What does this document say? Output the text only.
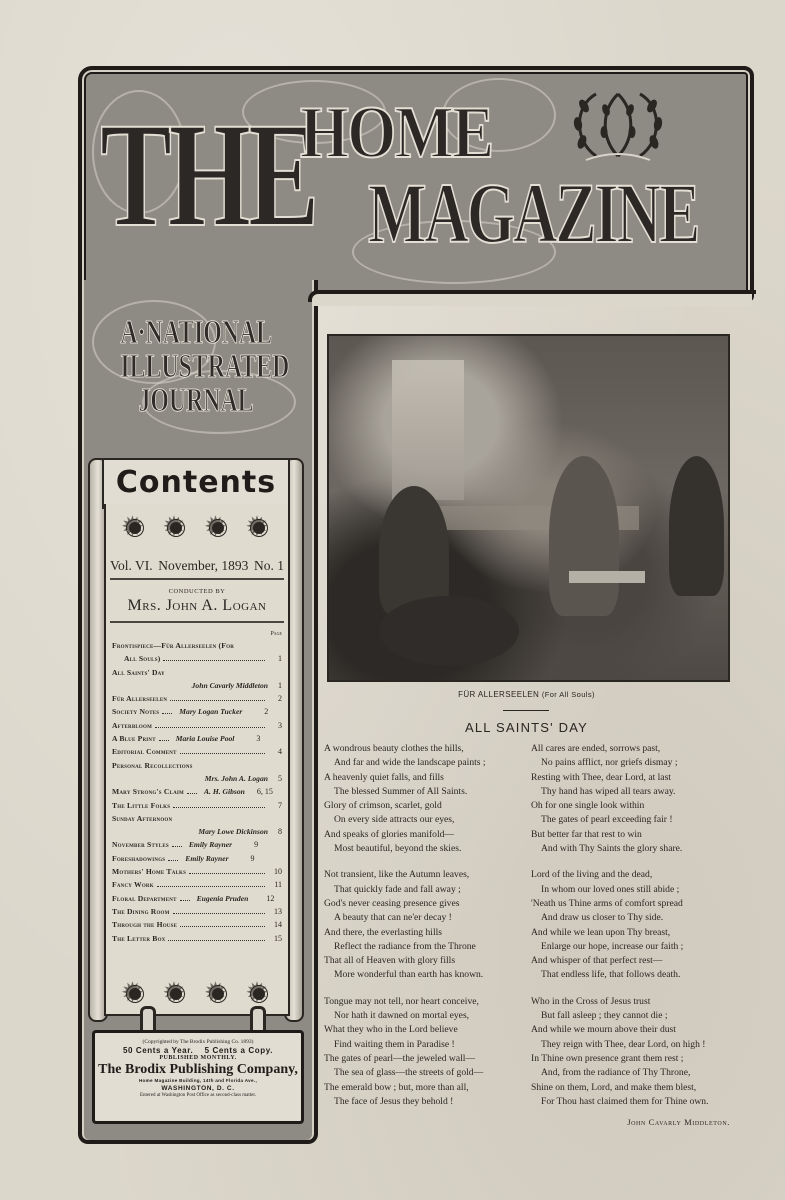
THE
HOME
MAGAZINE
A·NATIONAL
ILLUSTRATED
JOURNAL
Contents
✹
✹
✹
✹
Vol. VI. November, 1893 No. 1
CONDUCTED BY
Mrs. John A. Logan
Page
Frontispiece—Für Allerseelen (For
All Souls)	1
All Saints' Day
John Cavarly Middleton	1
Für Allerseelen	2
Society Notes	Mary Logan Tucker	2
Afterbloom	3
A Blue Print	Maria Louise Pool	3
Editorial Comment	4
Personal Recollections
Mrs. John A. Logan	5
Mary Strong's Claim	A. H. Gibson 6, 15
The Little Folks	7
Sunday Afternoon
Mary Lowe Dickinson	8
November Styles	Emily Rayner	9
Foreshadowings	Emily Rayner	9
Mothers' Home Talks	10
Fancy Work	11
Floral Department	Eugenia Pruden	12
The Dining Room	13
Through the House	14
The Letter Box	15
✹
✹
✹
✹
(Copyrighted by The Brodix Publishing Co. 1893)
50 Cents a Year. 5 Cents a Copy.
PUBLISHED MONTHLY.
The Brodix Publishing Company,
Home Magazine Building, 14th and Florida Ave.,
WASHINGTON, D. C.
Entered at Washington Post Office as second-class matter.
FÜR ALLERSEELEN (For All Souls)
ALL SAINTS' DAY
A wondrous beauty clothes the hills,
And far and wide the landscape paints ;
A heavenly quiet falls, and fills
The blessed Summer of All Saints.
Glory of crimson, scarlet, gold
On every side attracts our eyes,
And speaks of glories manifold—
Most beautiful, beyond the skies.
Not transient, like the Autumn leaves,
That quickly fade and fall away ;
God's never ceasing presence gives
A beauty that can ne'er decay !
And there, the everlasting hills
Reflect the radiance from the Throne
That all of Heaven with glory fills
More wonderful than earth has known.
Tongue may not tell, nor heart conceive,
Nor hath it dawned on mortal eyes,
What they who in the Lord believe
Find waiting them in Paradise !
The gates of pearl—the jeweled wall—
The sea of glass—the streets of gold—
The emerald bow ; but, more than all,
The face of Jesus they behold !
All cares are ended, sorrows past,
No pains afflict, nor griefs dismay ;
Resting with Thee, dear Lord, at last
Thy hand has wiped all tears away.
Oh for one single look within
The gates of pearl exceeding fair !
But better far that rest to win
And with Thy Saints the glory share.
Lord of the living and the dead,
In whom our loved ones still abide ;
'Neath us Thine arms of comfort spread
And draw us closer to Thy side.
And while we lean upon Thy breast,
Enlarge our hope, increase our faith ;
And whisper of that perfect rest—
That endless life, that follows death.
Who in the Cross of Jesus trust
But fall asleep ; they cannot die ;
And while we mourn above their dust
They reign with Thee, dear Lord, on high !
In Thine own presence grant them rest ;
And, from the radiance of Thy Throne,
Shine on them, Lord, and make them blest,
For Thou hast claimed them for Thine own.
John Cavarly Middleton.
